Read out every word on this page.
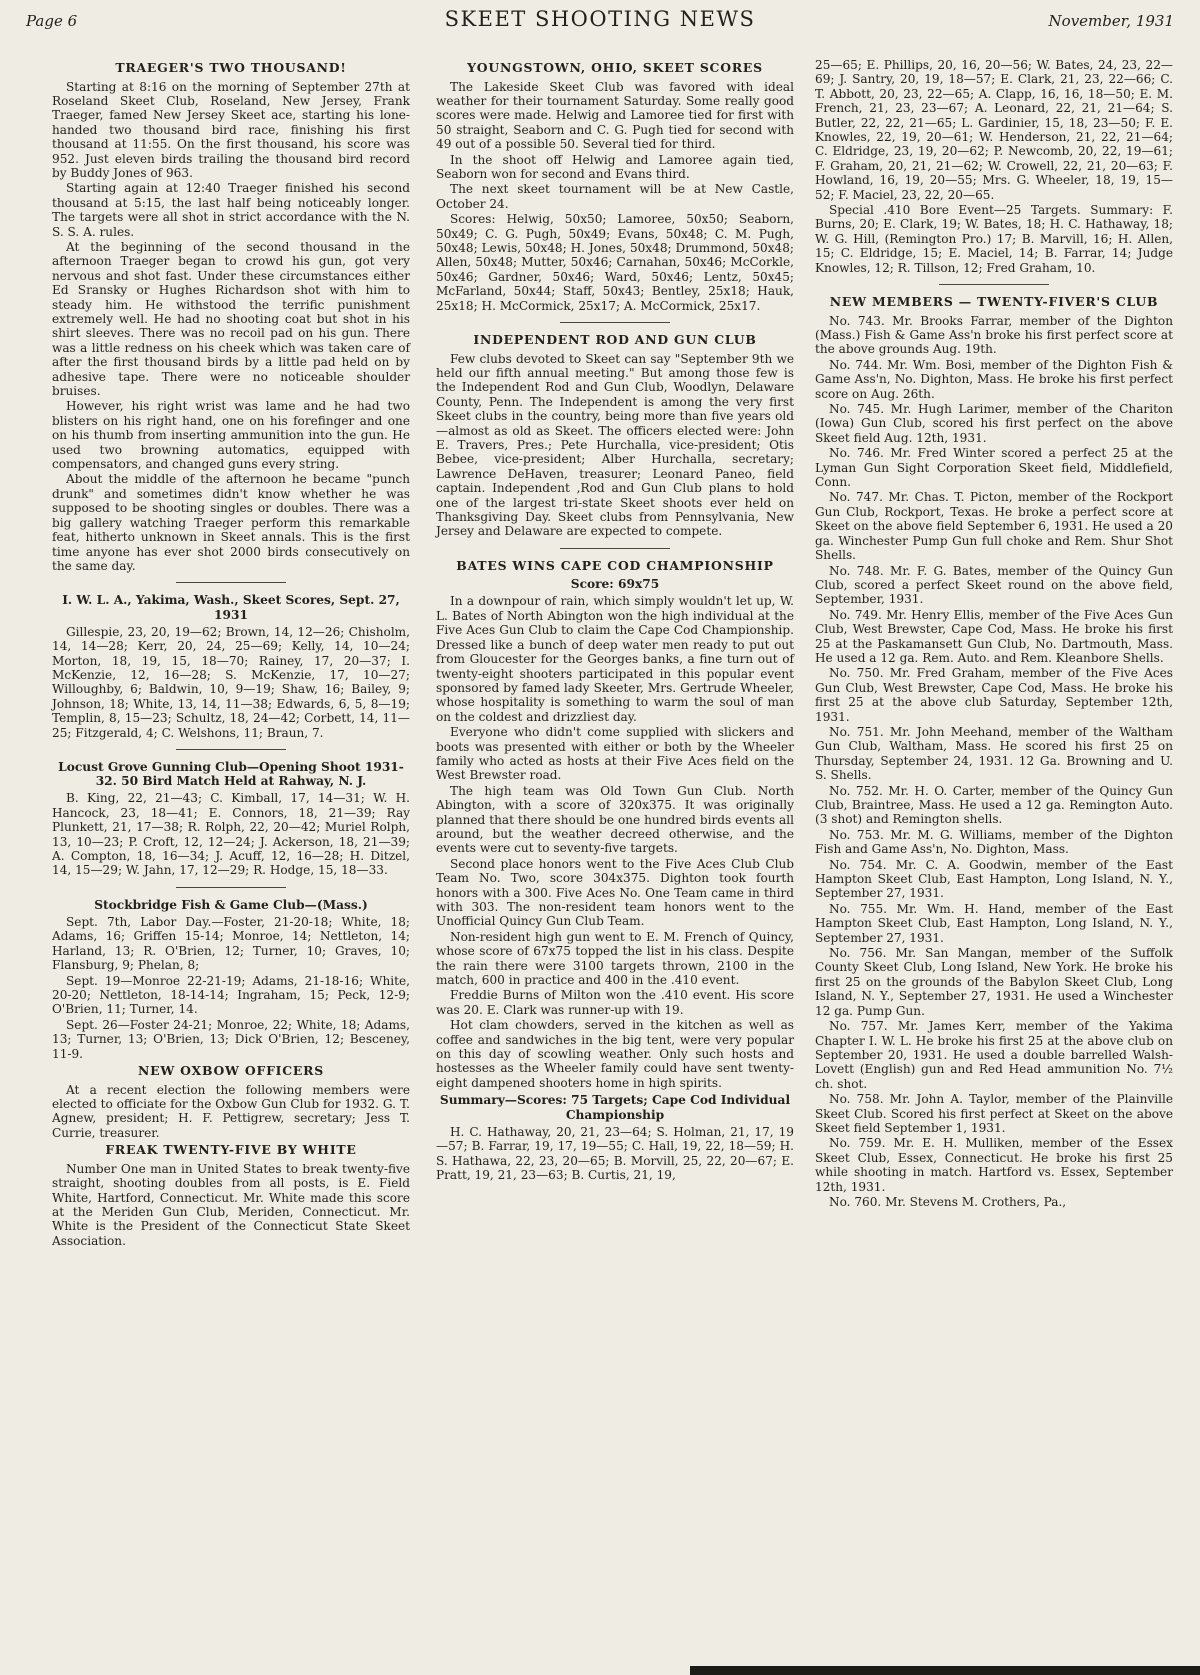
Page 6	SKEET SHOOTING NEWS	November, 1931
TRAEGER'S TWO THOUSAND!

Starting at 8:16 on the morning of September 27th at Roseland Skeet Club, Roseland, New Jersey, Frank Traeger, famed New Jersey Skeet ace, starting his lone-handed two thousand bird race, finishing his first thousand at 11:55. On the first thousand, his score was 952. Just eleven birds trailing the thousand bird record by Buddy Jones of 963.

Starting again at 12:40 Traeger finished his second thousand at 5:15, the last half being noticeably longer. The targets were all shot in strict accordance with the N. S. S. A. rules.

At the beginning of the second thousand in the afternoon Traeger began to crowd his gun, got very nervous and shot fast. Under these circumstances either Ed Sransky or Hughes Richardson shot with him to steady him. He withstood the terrific punishment extremely well. He had no shooting coat but shot in his shirt sleeves. There was no recoil pad on his gun. There was a little redness on his cheek which was taken care of after the first thousand birds by a little pad held on by adhesive tape. There were no noticeable shoulder bruises.

However, his right wrist was lame and he had two blisters on his right hand, one on his forefinger and one on his thumb from inserting ammunition into the gun. He used two browning automatics, equipped with compensators, and changed guns every string.

About the middle of the afternoon he became "punch drunk" and sometimes didn't know whether he was supposed to be shooting singles or doubles. There was a big gallery watching Traeger perform this remarkable feat, hitherto unknown in Skeet annals. This is the first time anyone has ever shot 2000 birds consecutively on the same day.

I. W. L. A., Yakima, Wash., Skeet Scores, Sept. 27, 1931

Gillespie, 23, 20, 19—62; Brown, 14, 12—26; Chisholm, 14, 14—28; Kerr, 20, 24, 25—69; Kelly, 14, 10—24; Morton, 18, 19, 15, 18—70; Rainey, 17, 20—37; I. McKenzie, 12, 16—28; S. McKenzie, 17, 10—27; Willoughby, 6; Baldwin, 10, 9—19; Shaw, 16; Bailey, 9; Johnson, 18; White, 13, 14, 11—38; Edwards, 6, 5, 8—19; Templin, 8, 15—23; Schultz, 18, 24—42; Corbett, 14, 11—25; Fitzgerald, 4; C. Welshons, 11; Braun, 7.

Locust Grove Gunning Club—Opening Shoot 1931-32. 50 Bird Match Held at Rahway, N. J.

B. King, 22, 21—43; C. Kimball, 17, 14—31; W. H. Hancock, 23, 18—41; E. Connors, 18, 21—39; Ray Plunkett, 21, 17—38; R. Rolph, 22, 20—42; Muriel Rolph, 13, 10—23; P. Croft, 12, 12—24; J. Ackerson, 18, 21—39; A. Compton, 18, 16—34; J. Acuff, 12, 16—28; H. Ditzel, 14, 15—29; W. Jahn, 17, 12—29; R. Hodge, 15, 18—33.

Stockbridge Fish & Game Club—(Mass.)

Sept. 7th, Labor Day.—Foster, 21-20-18; White, 18; Adams, 16; Griffen 15-14; Monroe, 14; Nettleton, 14; Harland, 13; R. O'Brien, 12; Turner, 10; Graves, 10; Flansburg, 9; Phelan, 8;

Sept. 19—Monroe 22-21-19; Adams, 21-18-16; White, 20-20; Nettleton, 18-14-14; Ingraham, 15; Peck, 12-9; O'Brien, 11; Turner, 14.

Sept. 26—Foster 24-21; Monroe, 22; White, 18; Adams, 13; Turner, 13; O'Brien, 13; Dick O'Brien, 12; Besceney, 11-9.

NEW OXBOW OFFICERS

At a recent election the following members were elected to officiate for the Oxbow Gun Club for 1932. G. T. Agnew, president; H. F. Pettigrew, secretary; Jess T. Currie, treasurer.

FREAK TWENTY-FIVE BY WHITE

Number One man in United States to break twenty-five straight, shooting doubles from all posts, is E. Field White, Hartford, Connecticut. Mr. White made this score at the Meriden Gun Club, Meriden, Connecticut. Mr. White is the President of the Connecticut State Skeet Association.

YOUNGSTOWN, OHIO, SKEET SCORES

The Lakeside Skeet Club was favored with ideal weather for their tournament Saturday. Some really good scores were made. Helwig and Lamoree tied for first with 50 straight, Seaborn and C. G. Pugh tied for second with 49 out of a possible 50. Several tied for third.

In the shoot off Helwig and Lamoree again tied, Seaborn won for second and Evans third.

The next skeet tournament will be at New Castle, October 24.

Scores: Helwig, 50x50; Lamoree, 50x50; Seaborn, 50x49; C. G. Pugh, 50x49; Evans, 50x48; C. M. Pugh, 50x48; Lewis, 50x48; H. Jones, 50x48; Drummond, 50x48; Allen, 50x48; Mutter, 50x46; Carnahan, 50x46; McCorkle, 50x46; Gardner, 50x46; Ward, 50x46; Lentz, 50x45; McFarland, 50x44; Staff, 50x43; Bentley, 25x18; Hauk, 25x18; H. McCormick, 25x17; A. McCormick, 25x17.

INDEPENDENT ROD AND GUN CLUB

Few clubs devoted to Skeet can say "September 9th we held our fifth annual meeting." But among those few is the Independent Rod and Gun Club, Woodlyn, Delaware County, Penn. The Independent is among the very first Skeet clubs in the country, being more than five years old—almost as old as Skeet. The officers elected were: John E. Travers, Pres.; Pete Hurchalla, vice-president; Otis Bebee, vice-president; Alber Hurchalla, secretary; Lawrence DeHaven, treasurer; Leonard Paneo, field captain. Independent ,Rod and Gun Club plans to hold one of the largest tri-state Skeet shoots ever held on Thanksgiving Day. Skeet clubs from Pennsylvania, New Jersey and Delaware are expected to compete.

BATES WINS CAPE COD CHAMPIONSHIP
Score: 69x75

In a downpour of rain, which simply wouldn't let up, W. L. Bates of North Abington won the high individual at the Five Aces Gun Club to claim the Cape Cod Championship. Dressed like a bunch of deep water men ready to put out from Gloucester for the Georges banks, a fine turn out of twenty-eight shooters participated in this popular event sponsored by famed lady Skeeter, Mrs. Gertrude Wheeler, whose hospitality is something to warm the soul of man on the coldest and drizzliest day.

Everyone who didn't come supplied with slickers and boots was presented with either or both by the Wheeler family who acted as hosts at their Five Aces field on the West Brewster road.

The high team was Old Town Gun Club. North Abington, with a score of 320x375. It was originally planned that there should be one hundred birds events all around, but the weather decreed otherwise, and the events were cut to seventy-five targets.

Second place honors went to the Five Aces Club Club Team No. Two, score 304x375. Dighton took fourth honors with a 300. Five Aces No. One Team came in third with 303. The non-resident team honors went to the Unofficial Quincy Gun Club Team.

Non-resident high gun went to E. M. French of Quincy, whose score of 67x75 topped the list in his class. Despite the rain there were 3100 targets thrown, 2100 in the match, 600 in practice and 400 in the .410 event.

Freddie Burns of Milton won the .410 event. His score was 20. E. Clark was runner-up with 19.

Hot clam chowders, served in the kitchen as well as coffee and sandwiches in the big tent, were very popular on this day of scowling weather. Only such hosts and hostesses as the Wheeler family could have sent twenty-eight dampened shooters home in high spirits.

Summary—Scores: 75 Targets; Cape Cod Individual Championship

H. C. Hathaway, 20, 21, 23—64; S. Holman, 21, 17, 19—57; B. Farrar, 19, 17, 19—55; C. Hall, 19, 22, 18—59; H. S. Hathawa, 22, 23, 20—65; B. Morvill, 25, 22, 20—67; E. Pratt, 19, 21, 23—63; B. Curtis, 21, 19,

25—65; E. Phillips, 20, 16, 20—56; W. Bates, 24, 23, 22—69; J. Santry, 20, 19, 18—57; E. Clark, 21, 23, 22—66; C. T. Abbott, 20, 23, 22—65; A. Clapp, 16, 16, 18—50; E. M. French, 21, 23, 23—67; A. Leonard, 22, 21, 21—64; S. Butler, 22, 22, 21—65; L. Gardinier, 15, 18, 23—50; F. E. Knowles, 22, 19, 20—61; W. Henderson, 21, 22, 21—64; C. Eldridge, 23, 19, 20—62; P. Newcomb, 20, 22, 19—61; F. Graham, 20, 21, 21—62; W. Crowell, 22, 21, 20—63; F. Howland, 16, 19, 20—55; Mrs. G. Wheeler, 18, 19, 15—52; F. Maciel, 23, 22, 20—65.

Special .410 Bore Event—25 Targets. Summary: F. Burns, 20; E. Clark, 19; W. Bates, 18; H. C. Hathaway, 18; W. G. Hill, (Remington Pro.) 17; B. Marvill, 16; H. Allen, 15; C. Eldridge, 15; E. Maciel, 14; B. Farrar, 14; Judge Knowles, 12; R. Tillson, 12; Fred Graham, 10.

NEW MEMBERS — TWENTY-FIVER'S CLUB

No. 743. Mr. Brooks Farrar, member of the Dighton (Mass.) Fish & Game Ass'n broke his first perfect score at the above grounds Aug. 19th.

No. 744. Mr. Wm. Bosi, member of the Dighton Fish & Game Ass'n, No. Dighton, Mass. He broke his first perfect score on Aug. 26th.

No. 745. Mr. Hugh Larimer, member of the Chariton (Iowa) Gun Club, scored his first perfect on the above Skeet field Aug. 12th, 1931.

No. 746. Mr. Fred Winter scored a perfect 25 at the Lyman Gun Sight Corporation Skeet field, Middlefield, Conn.

No. 747. Mr. Chas. T. Picton, member of the Rockport Gun Club, Rockport, Texas. He broke a perfect score at Skeet on the above field September 6, 1931. He used a 20 ga. Winchester Pump Gun full choke and Rem. Shur Shot Shells.

No. 748. Mr. F. G. Bates, member of the Quincy Gun Club, scored a perfect Skeet round on the above field, September, 1931.

No. 749. Mr. Henry Ellis, member of the Five Aces Gun Club, West Brewster, Cape Cod, Mass. He broke his first 25 at the Paskamansett Gun Club, No. Dartmouth, Mass. He used a 12 ga. Rem. Auto. and Rem. Kleanbore Shells.

No. 750. Mr. Fred Graham, member of the Five Aces Gun Club, West Brewster, Cape Cod, Mass. He broke his first 25 at the above club Saturday, September 12th, 1931.

No. 751. Mr. John Meehand, member of the Waltham Gun Club, Waltham, Mass. He scored his first 25 on Thursday, September 24, 1931. 12 Ga. Browning and U. S. Shells.

No. 752. Mr. H. O. Carter, member of the Quincy Gun Club, Braintree, Mass. He used a 12 ga. Remington Auto. (3 shot) and Remington shells.

No. 753. Mr. M. G. Williams, member of the Dighton Fish and Game Ass'n, No. Dighton, Mass.

No. 754. Mr. C. A. Goodwin, member of the East Hampton Skeet Club, East Hampton, Long Island, N. Y., September 27, 1931.

No. 755. Mr. Wm. H. Hand, member of the East Hampton Skeet Club, East Hampton, Long Island, N. Y., September 27, 1931.

No. 756. Mr. San Mangan, member of the Suffolk County Skeet Club, Long Island, New York. He broke his first 25 on the grounds of the Babylon Skeet Club, Long Island, N. Y., September 27, 1931. He used a Winchester 12 ga. Pump Gun.

No. 757. Mr. James Kerr, member of the Yakima Chapter I. W. L. He broke his first 25 at the above club on September 20, 1931. He used a double barrelled Walsh-Lovett (English) gun and Red Head ammunition No. 7½ ch. shot.

No. 758. Mr. John A. Taylor, member of the Plainville Skeet Club. Scored his first perfect at Skeet on the above Skeet field September 1, 1931.

No. 759. Mr. E. H. Mulliken, member of the Essex Skeet Club, Essex, Connecticut. He broke his first 25 while shooting in match. Hartford vs. Essex, September 12th, 1931.

No. 760. Mr. Stevens M. Crothers, Pa.,
